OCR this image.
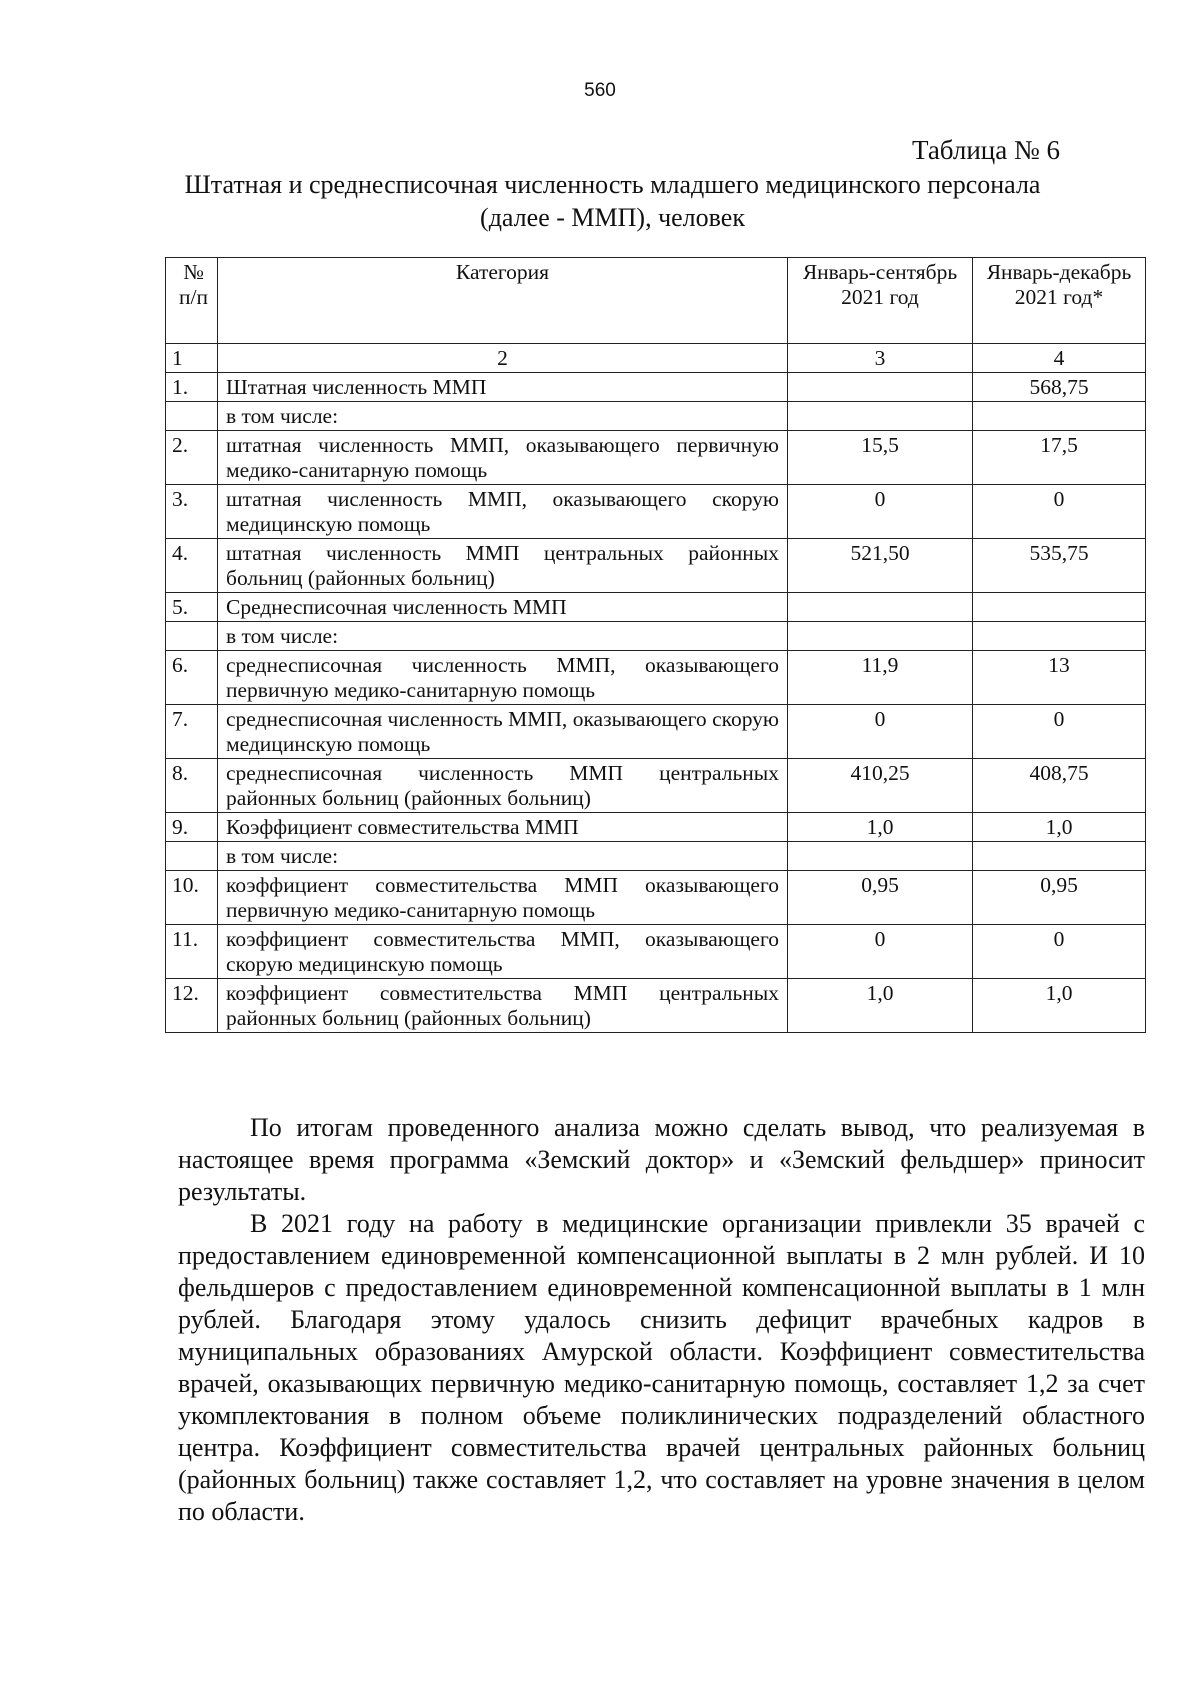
560
Таблица № 6
Штатная и среднесписочная численность младшего медицинского персонала (далее - ММП), человек
№ п/п	Категория	Январь-сентябрь 2021 год	Январь-декабрь 2021 год*
1	2	3	4
1.	Штатная численность ММП		568,75
	в том числе:		
2.	штатная численность ММП, оказывающего первичную медико-санитарную помощь	15,5	17,5
3.	штатная численность ММП, оказывающего скорую медицинскую помощь	0	0
4.	штатная численность ММП центральных районных больниц (районных больниц)	521,50	535,75
5.	Среднесписочная численность ММП		
	в том числе:		
6.	среднесписочная численность ММП, оказывающего первичную медико-санитарную помощь	11,9	13
7.	среднесписочная численность ММП, оказывающего скорую медицинскую помощь	0	0
8.	среднесписочная численность ММП центральных районных больниц (районных больниц)	410,25	408,75
9.	Коэффициент совместительства ММП	1,0	1,0
	в том числе:		
10.	коэффициент совместительства ММП оказывающего первичную медико-санитарную помощь	0,95	0,95
11.	коэффициент совместительства ММП, оказывающего скорую медицинскую помощь	0	0
12.	коэффициент совместительства ММП центральных районных больниц (районных больниц)	1,0	1,0

По итогам проведенного анализа можно сделать вывод, что реализуемая в настоящее время программа «Земский доктор» и «Земский фельдшер» приносит результаты.

В 2021 году на работу в медицинские организации привлекли 35 врачей с предоставлением единовременной компенсационной выплаты в 2 млн рублей. И 10 фельдшеров с предоставлением единовременной компенсационной выплаты в 1 млн рублей. Благодаря этому удалось снизить дефицит врачебных кадров в муниципальных образованиях Амурской области. Коэффициент совместительства врачей, оказывающих первичную медико-санитарную помощь, составляет 1,2 за счет укомплектования в полном объеме поликлинических подразделений областного центра. Коэффициент совместительства врачей центральных районных больниц (районных больниц) также составляет 1,2, что составляет на уровне значения в целом по области.
